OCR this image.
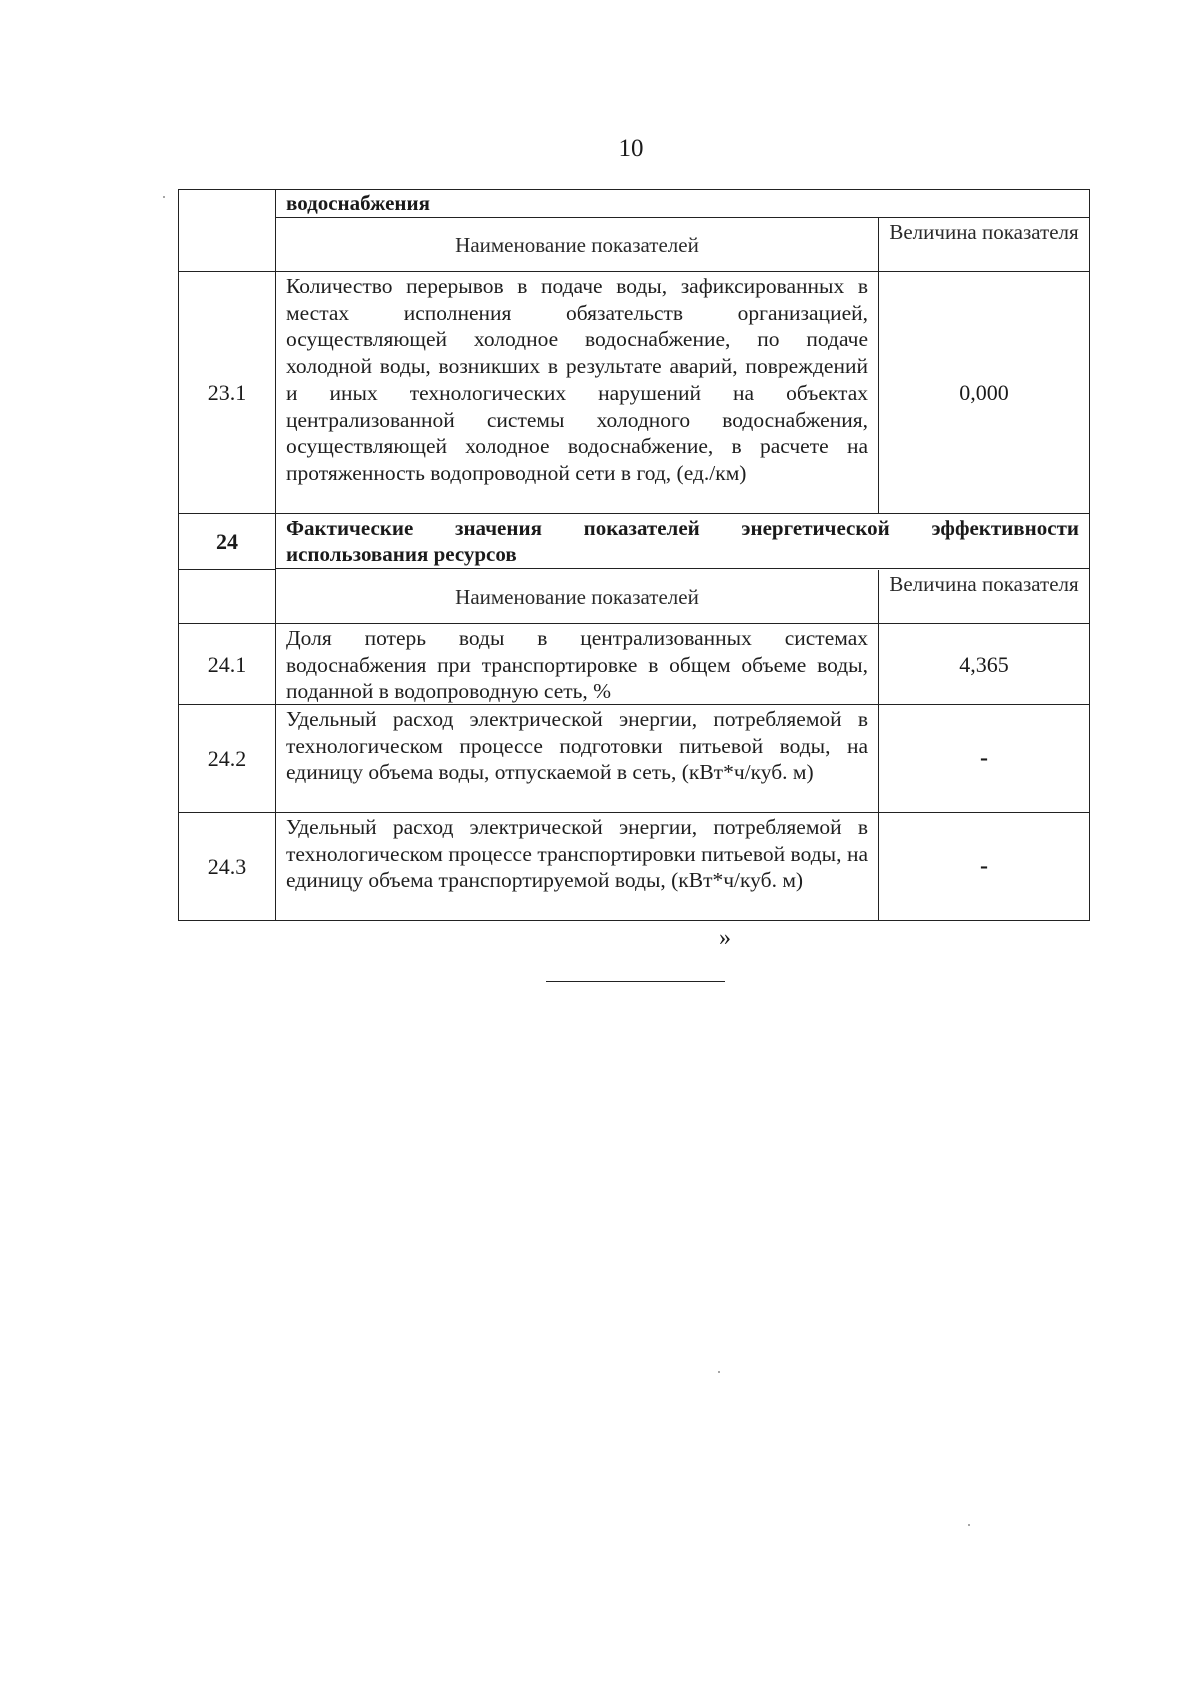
10
водоснабжения
Наименование показателей
Величина показателя
23.1
Количество перерывов в подаче воды, зафиксированных в местах исполнения обязательств организацией, осуществляющей холодное водоснабжение, по подаче холодной воды, возникших в результате аварий, повреждений и иных технологических нарушений на объектах централизованной системы холодного водоснабжения, осуществляющей холодное водоснабжение, в расчете на протяженность водопроводной сети в год, (ед./км)
0,000
24
Фактические значения показателей энергетической эффективности использования ресурсов
Наименование показателей
Величина показателя
24.1
Доля потерь воды в централизованных системах водоснабжения при транспортировке в общем объеме воды, поданной в водопроводную сеть, %
4,365
24.2
Удельный расход электрической энергии, потребляемой в технологическом процессе подготовки питьевой воды, на единицу объема воды, отпускаемой в сеть, (кВт*ч/куб. м)
-
24.3
Удельный расход электрической энергии, потребляемой в технологическом процессе транспортировки питьевой воды, на единицу объема транспортируемой воды, (кВт*ч/куб. м)
-
»
